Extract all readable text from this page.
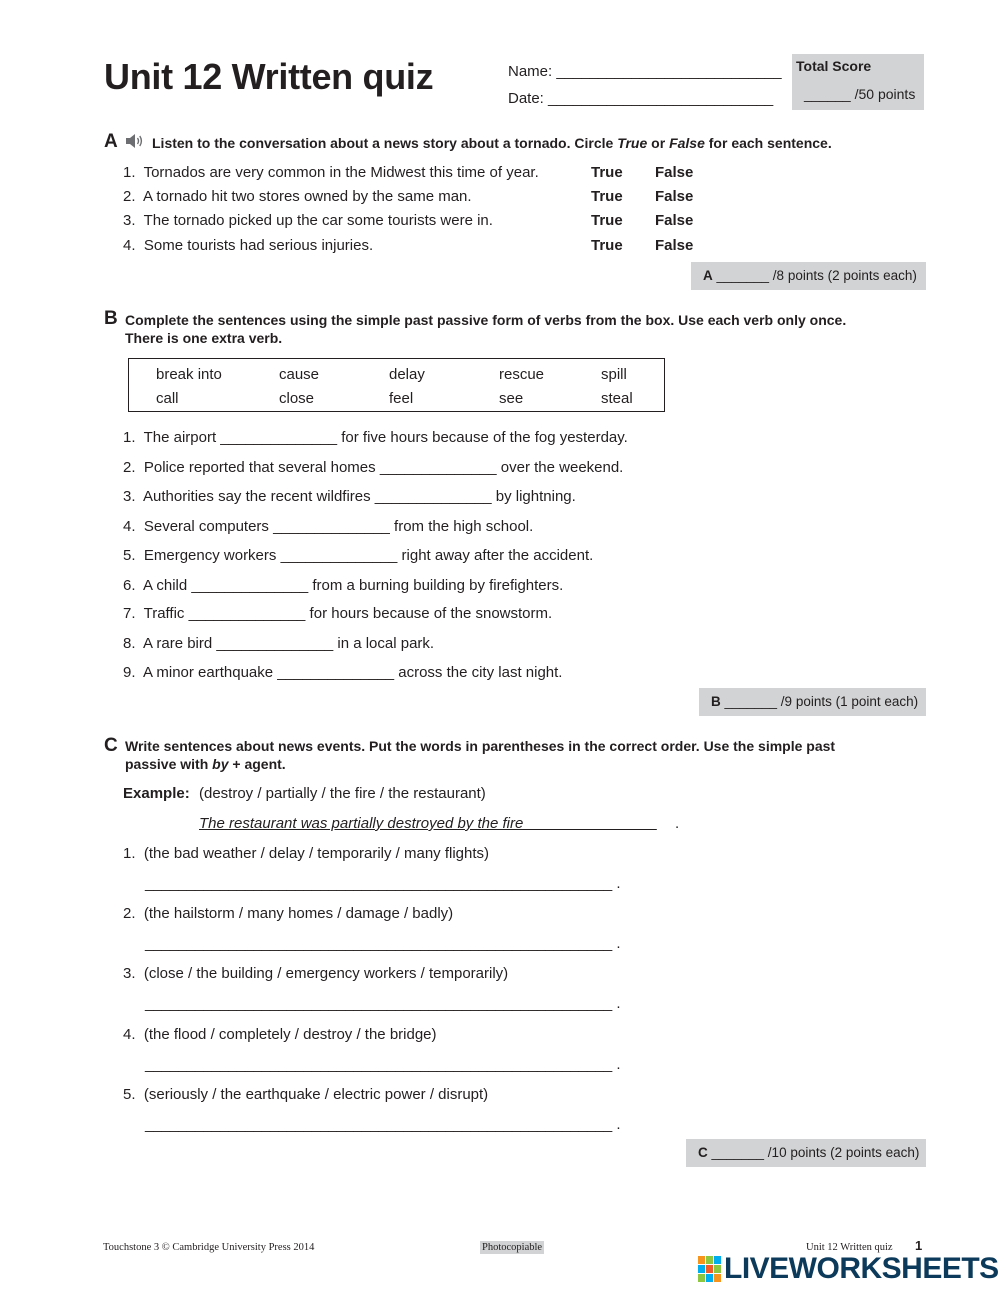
Unit 12 Written quiz	Name: ___________________________
Date: ___________________________
Total Score
______ /50 points
A Listen to the conversation about a news story about a tornado. Circle True or False for each sentence.
1. Tornados are very common in the Midwest this time of year.	True False
2. A tornado hit two stores owned by the same man.	True False
3. The tornado picked up the car some tourists were in.	True False
4. Some tourists had serious injuries.	True False
A _______ /8 points (2 points each)
B Complete the sentences using the simple past passive form of verbs from the box. Use each verb only once.
There is one extra verb.
break into	cause	delay	rescue	spill
call	close	feel	see	steal
1. The airport ______________ for five hours because of the fog yesterday.
2. Police reported that several homes ______________ over the weekend.
3. Authorities say the recent wildfires ______________ by lightning.
4. Several computers ______________ from the high school.
5. Emergency workers ______________ right away after the accident.
6. A child ______________ from a burning building by firefighters.
7. Traffic ______________ for hours because of the snowstorm.
8. A rare bird ______________ in a local park.
9. A minor earthquake ______________ across the city last night.
B _______ /9 points (1 point each)
C Write sentences about news events. Put the words in parentheses in the correct order. Use the simple past
passive with by + agent.
Example: (destroy / partially / the fire / the restaurant)
The restaurant was partially destroyed by the fire________________ .
1. (the bad weather / delay / temporarily / many flights)
________________________________________________________ .
2. (the hailstorm / many homes / damage / badly)
________________________________________________________ .
3. (close / the building / emergency workers / temporarily)
________________________________________________________ .
4. (the flood / completely / destroy / the bridge)
________________________________________________________ .
5. (seriously / the earthquake / electric power / disrupt)
________________________________________________________ .
C _______ /10 points (2 points each)
Touchstone 3 © Cambridge University Press 2014	Photocopiable	Unit 12 Written quiz 1
LIVEWORKSHEETS
